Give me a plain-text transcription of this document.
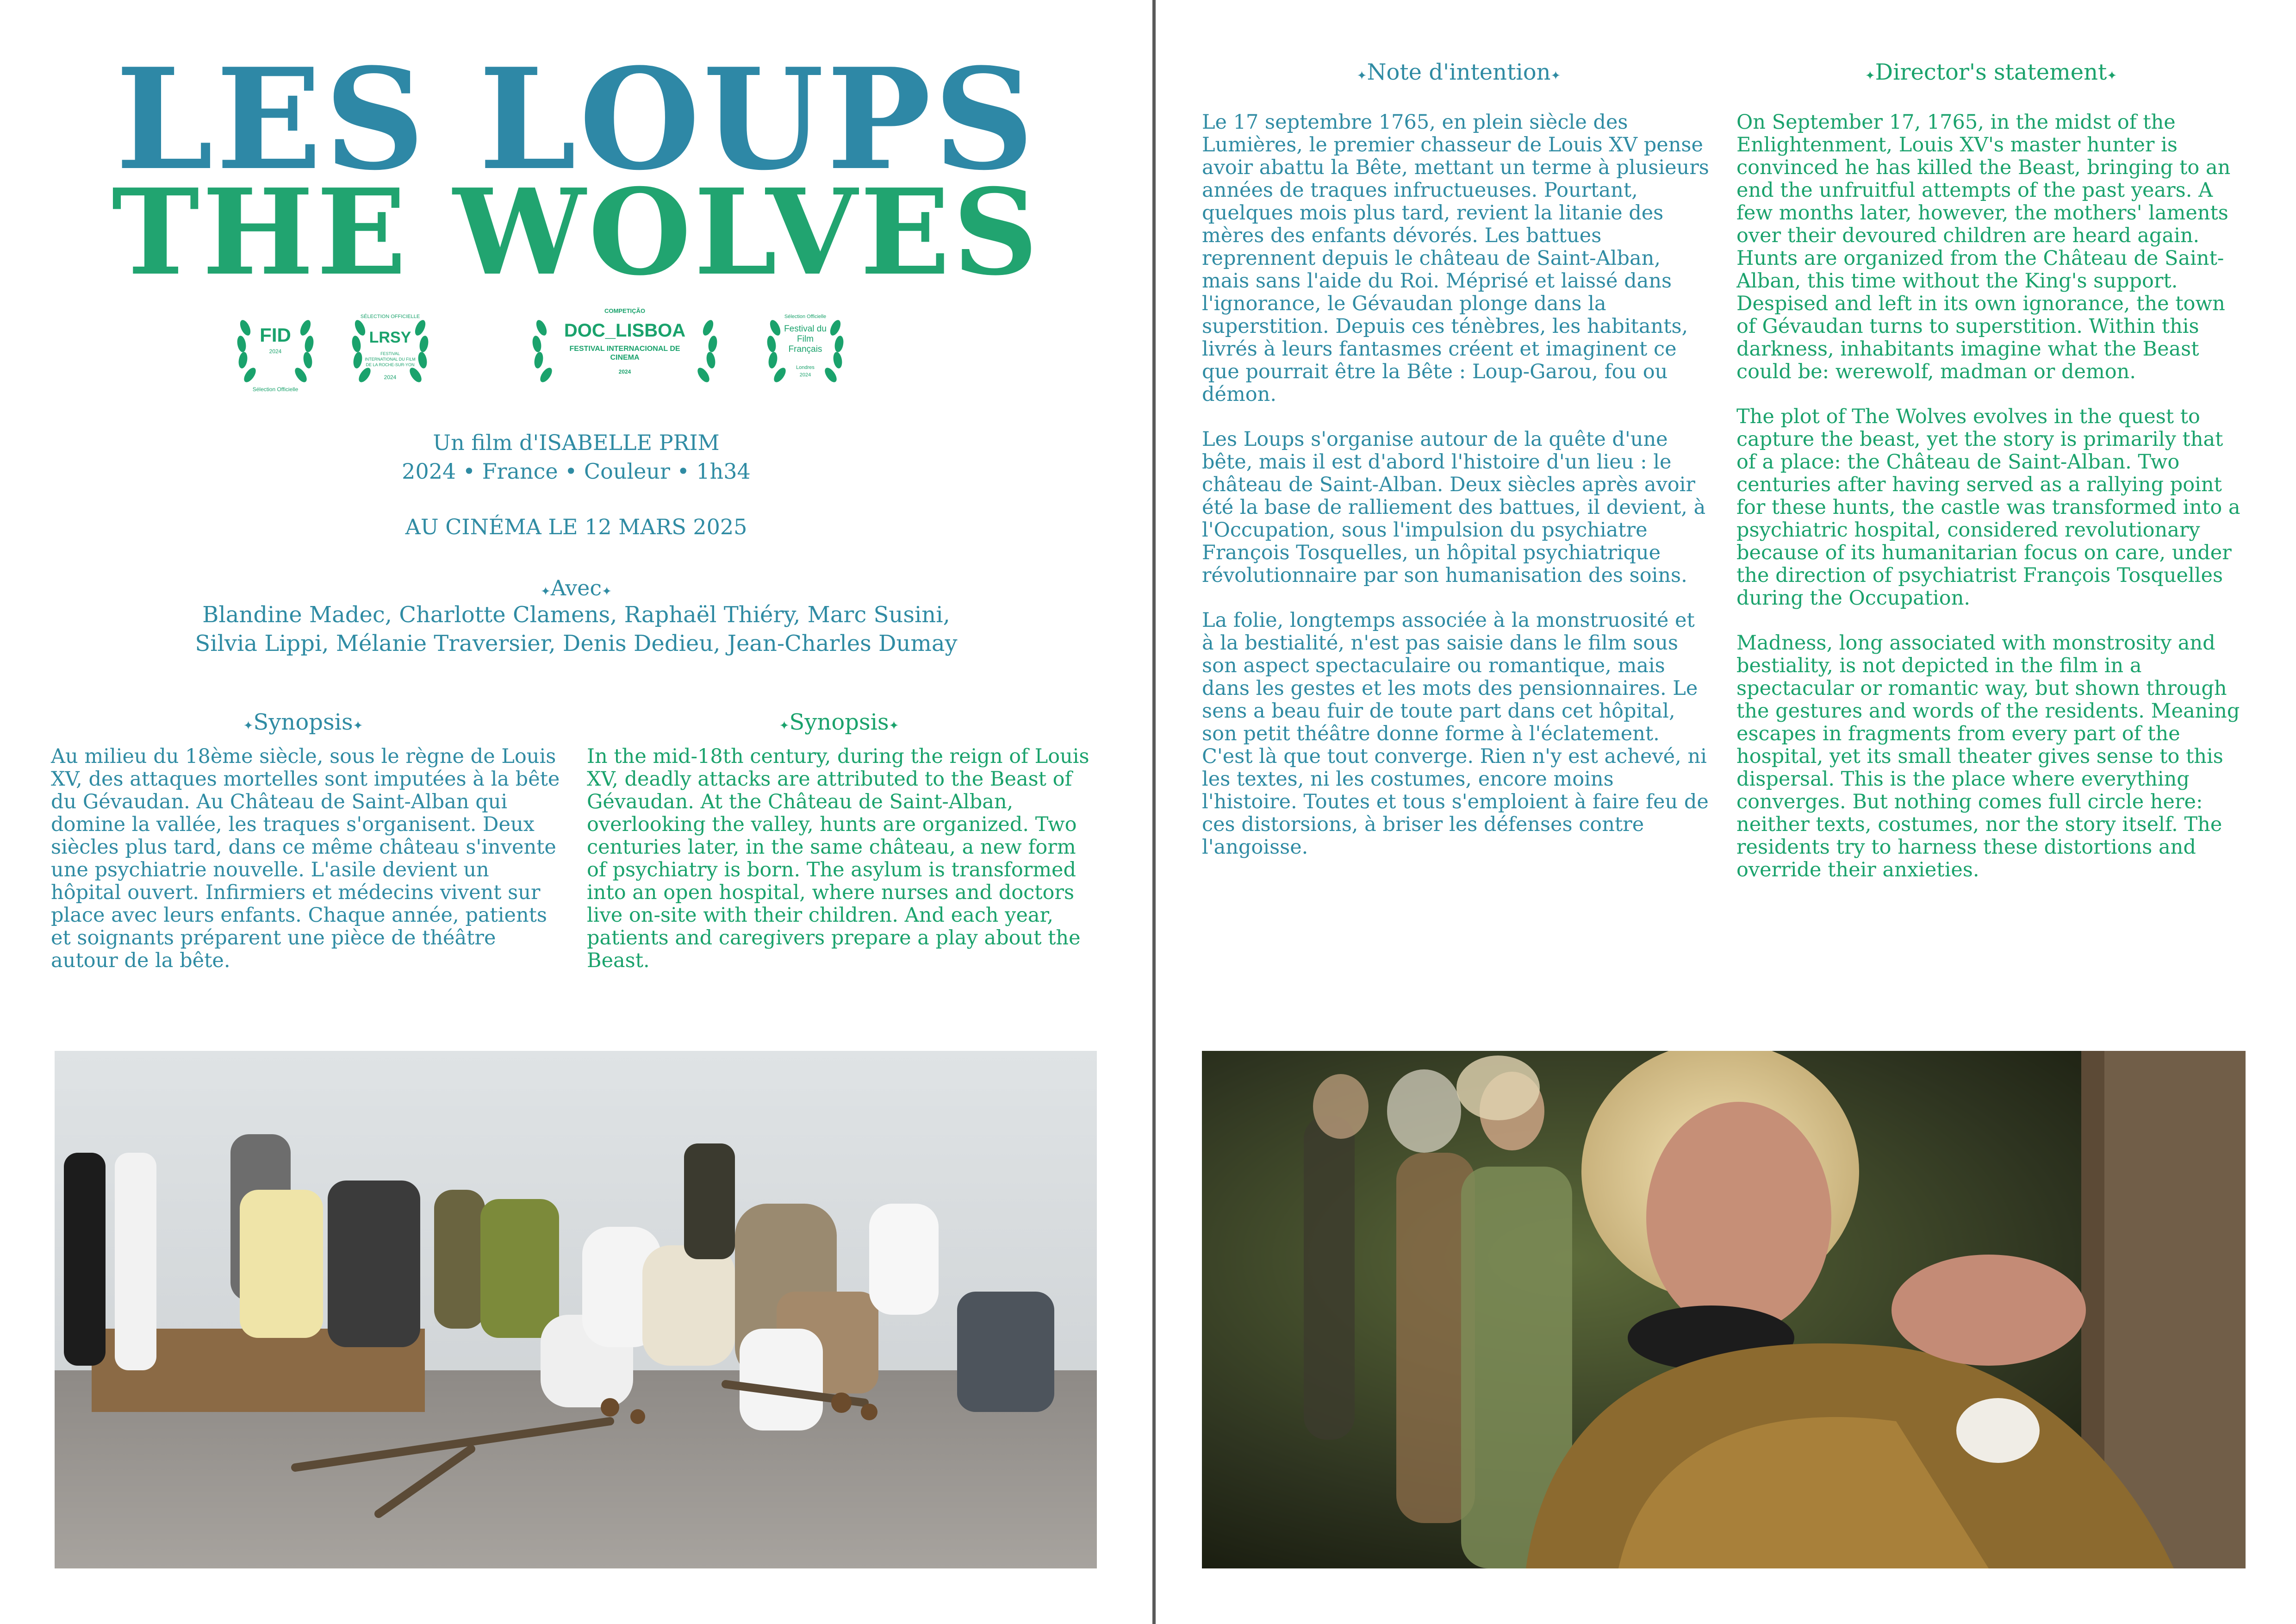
LES LOUPS
THE WOLVES
FID
2024
Sélection Officielle
SÉLECTION OFFICIELLE
LRSY
FESTIVAL INTERNATIONAL DU FILM DE LA ROCHE-SUR-YON
2024
COMPETIÇÃO
DOC_LISBOA
FESTIVAL INTERNACIONAL DE CINEMA
2024
Sélection Officielle
Festival du Film Français
Londres
2024
Un film d'ISABELLE PRIM
2024 • France • Couleur • 1h34
AU CINÉMA LE 12 MARS 2025
✦Avec✦
Blandine Madec, Charlotte Clamens, Raphaël Thiéry, Marc Susini,
Silvia Lippi, Mélanie Traversier, Denis Dedieu, Jean-Charles Dumay
✦Synopsis✦
Au milieu du 18ème siècle, sous le règne de Louis XV, des attaques mortelles sont imputées à la bête du Gévaudan. Au Château de Saint-Alban qui domine la vallée, les traques s'organisent. Deux siècles plus tard, dans ce même château s'invente une psychiatrie nouvelle. L'asile devient un hôpital ouvert. Infirmiers et médecins vivent sur place avec leurs enfants. Chaque année, patients et soignants préparent une pièce de théâtre autour de la bête.
✦Synopsis✦
In the mid-18th century, during the reign of Louis XV, deadly attacks are attributed to the Beast of Gévaudan. At the Château de Saint-Alban, overlooking the valley, hunts are organized. Two centuries later, in the same château, a new form of psychiatry is born. The asylum is transformed into an open hospital, where nurses and doctors live on-site with their children. And each year, patients and caregivers prepare a play about the Beast.
✦Note d'intention✦

Le 17 septembre 1765, en plein siècle des Lumières, le premier chasseur de Louis XV pense avoir abattu la Bête, mettant un terme à plusieurs années de traques infructueuses. Pourtant, quelques mois plus tard, revient la litanie des mères des enfants dévorés. Les battues reprennent depuis le château de Saint-Alban, mais sans l'aide du Roi. Méprisé et laissé dans l'ignorance, le Gévaudan plonge dans la superstition. Depuis ces ténèbres, les habitants, livrés à leurs fantasmes créent et imaginent ce que pourrait être la Bête : Loup-Garou, fou ou démon.

Les Loups s'organise autour de la quête d'une bête, mais il est d'abord l'histoire d'un lieu : le château de Saint-Alban. Deux siècles après avoir été la base de ralliement des battues, il devient, à l'Occupation, sous l'impulsion du psychiatre François Tosquelles, un hôpital psychiatrique révolutionnaire par son humanisation des soins.

La folie, longtemps associée à la monstruosité et à la bestialité, n'est pas saisie dans le film sous son aspect spectaculaire ou romantique, mais dans les gestes et les mots des pensionnaires. Le sens a beau fuir de toute part dans cet hôpital, son petit théâtre donne forme à l'éclatement. C'est là que tout converge. Rien n'y est achevé, ni les textes, ni les costumes, encore moins l'histoire. Toutes et tous s'emploient à faire feu de ces distorsions, à briser les défenses contre l'angoisse.

✦Director's statement✦

On September 17, 1765, in the midst of the Enlightenment, Louis XV's master hunter is convinced he has killed the Beast, bringing to an end the unfruitful attempts of the past years. A few months later, however, the mothers' laments over their devoured children are heard again. Hunts are organized from the Château de Saint-Alban, this time without the King's support. Despised and left in its own ignorance, the town of Gévaudan turns to superstition. Within this darkness, inhabitants imagine what the Beast could be: werewolf, madman or demon.

The plot of The Wolves evolves in the quest to capture the beast, yet the story is primarily that of a place: the Château de Saint-Alban. Two centuries after having served as a rallying point for these hunts, the castle was transformed into a psychiatric hospital, considered revolutionary because of its humanitarian focus on care, under the direction of psychiatrist François Tosquelles during the Occupation.

Madness, long associated with monstrosity and bestiality, is not depicted in the film in a spectacular or romantic way, but shown through the gestures and words of the residents. Meaning escapes in fragments from every part of the hospital, yet its small theater gives sense to this dispersal. This is the place where everything converges. But nothing comes full circle here: neither texts, costumes, nor the story itself. The residents try to harness these distortions and override their anxieties.
